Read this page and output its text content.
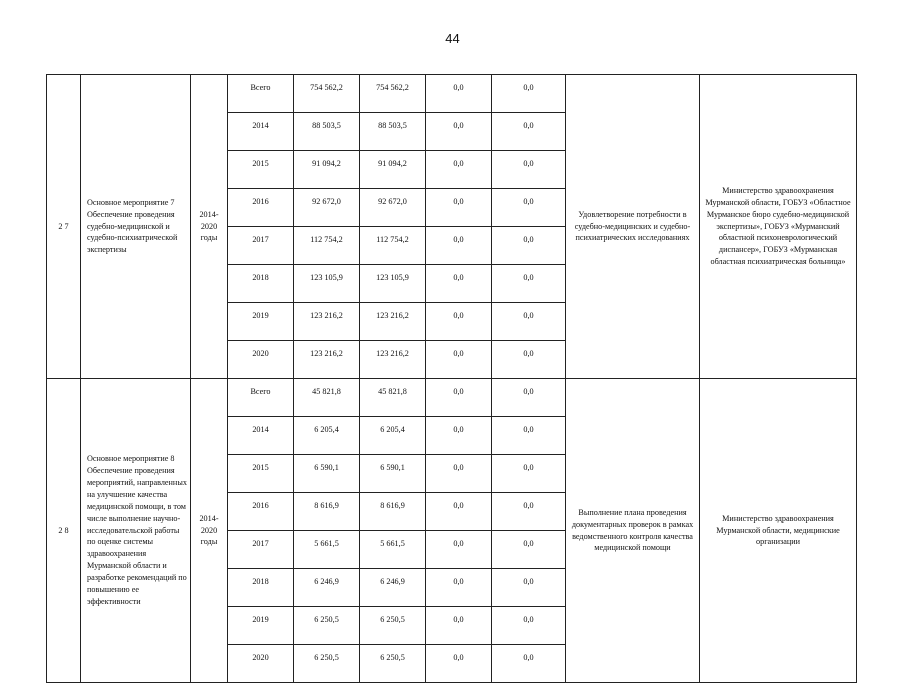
44
2 7	Основное мероприятие 7 Обеспечение проведения судебно-медицинской и судебно-психиатрической экспертизы	2014-2020 годы	Всего	754 562,2	754 562,2	0,0	0,0	Удовлетворение потребности в судебно-медицинских и судебно-психиатрических исследованиях	Министерство здравоохранения Мурманской области, ГОБУЗ «Областное Мурманское бюро судебно-медицинской экспертизы», ГОБУЗ «Мурманский областной психоневрологический диспансер», ГОБУЗ «Мурманская областная психиатрическая больница»
			2014	88 503,5	88 503,5	0,0	0,0		
			2015	91 094,2	91 094,2	0,0	0,0		
			2016	92 672,0	92 672,0	0,0	0,0		
			2017	112 754,2	112 754,2	0,0	0,0		
			2018	123 105,9	123 105,9	0,0	0,0		
			2019	123 216,2	123 216,2	0,0	0,0		
			2020	123 216,2	123 216,2	0,0	0,0		
2 8	Основное мероприятие 8 Обеспечение проведения мероприятий, направленных на улучшение качества медицинской помощи, в том числе выполнение научно-исследовательской работы по оценке системы здравоохранения Мурманской области и разработке рекомендаций по повышению ее эффективности	2014-2020 годы	Всего	45 821,8	45 821,8	0,0	0,0	Выполнение плана проведения документарных проверок в рамках ведомственного контроля качества медицинской помощи	Министерство здравоохранения Мурманской области, медицинские организации
			2014	6 205,4	6 205,4	0,0	0,0		
			2015	6 590,1	6 590,1	0,0	0,0		
			2016	8 616,9	8 616,9	0,0	0,0		
			2017	5 661,5	5 661,5	0,0	0,0		
			2018	6 246,9	6 246,9	0,0	0,0		
			2019	6 250,5	6 250,5	0,0	0,0		
			2020	6 250,5	6 250,5	0,0	0,0		
